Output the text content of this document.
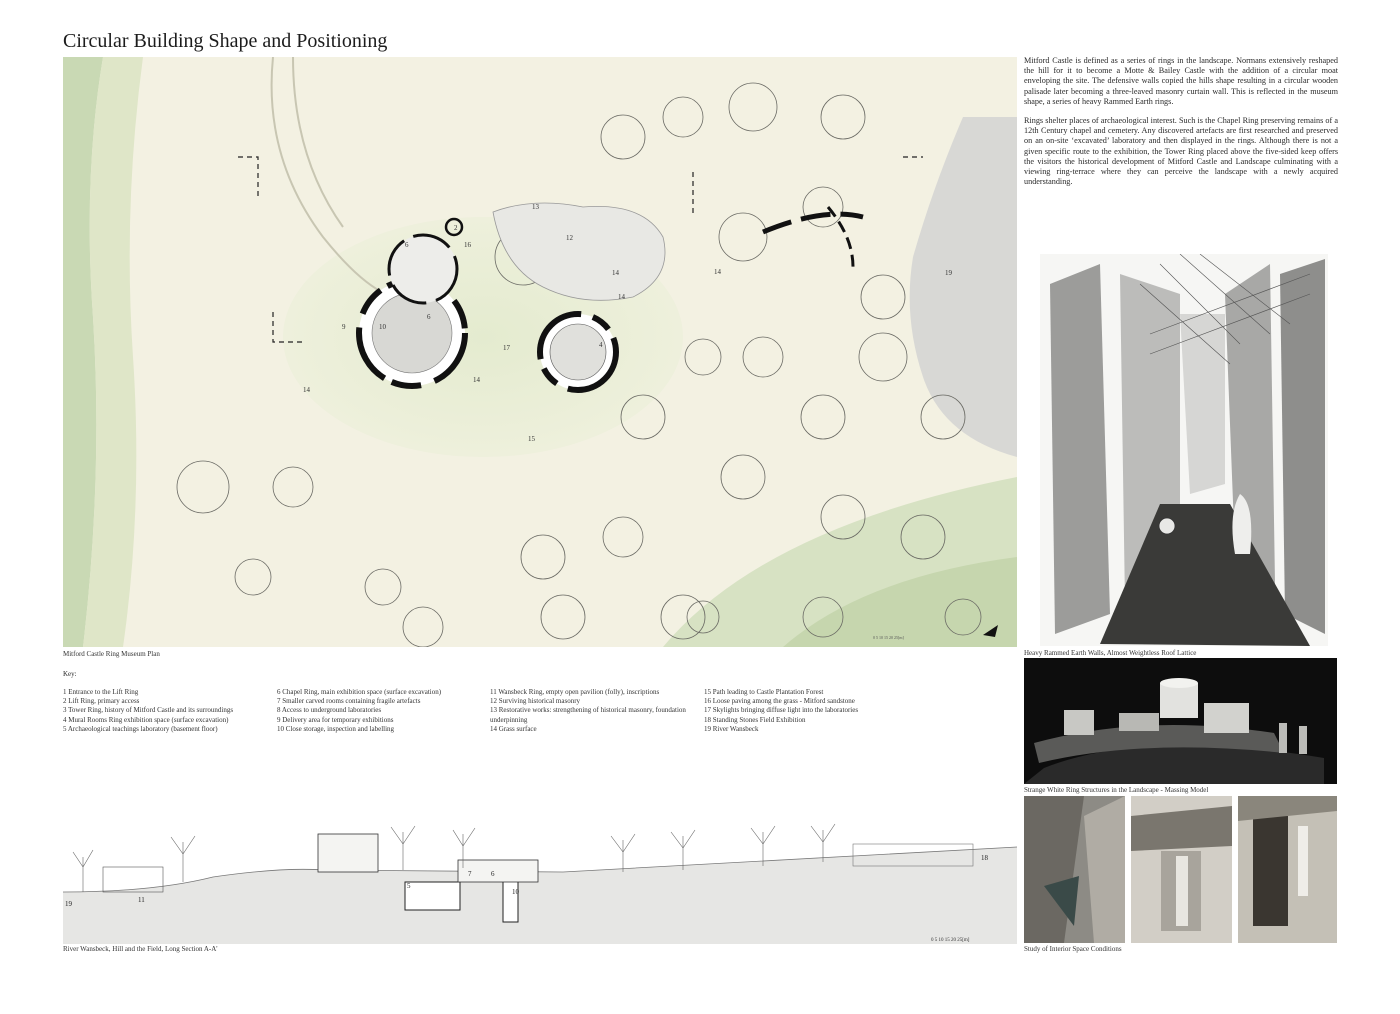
Circular Building Shape and Positioning
6	16
2
13
12
14
14
14
14
14
17
10
6
9
4
15
19
0 5 10 15 20 25[m]
Mitford Castle Ring Museum Plan
Key:
1 Entrance to the Lift Ring
2 Lift Ring, primary access
3 Tower Ring, history of Mitford Castle and its surroundings
4 Mural Rooms Ring exhibition space (surface excavation)
5 Archaeological teachings laboratory (basement floor)
6 Chapel Ring, main exhibition space (surface excavation)
7 Smaller carved rooms containing fragile artefacts
8 Access to underground laboratories
9 Delivery area for temporary exhibitions
10 Close storage, inspection and labelling
11 Wansbeck Ring, empty open pavilion (folly), inscriptions
12 Surviving historical masonry
13 Restorative works: strengthening of historical masonry, foundation underpinning
14 Grass surface
15 Path leading to Castle Plantation Forest
16 Loose paving among the grass - Mitford sandstone
17 Skylights bringing diffuse light into the laboratories
18 Standing Stones Field Exhibition
19 River Wansbeck

Mitford Castle is defined as a series of rings in the landscape. Normans extensively reshaped the hill for it to become a Motte & Bailey Castle with the addition of a circular moat enveloping the site. The defensive walls copied the hills shape resulting in a circular wooden palisade later becoming a three-leaved masonry curtain wall. This is reflected in the museum shape, a series of heavy Rammed Earth rings.

Rings shelter places of archaeological interest. Such is the Chapel Ring preserving remains of a 12th Century chapel and cemetery. Any discovered artefacts are first researched and preserved on an on-site ‘excavated’ laboratory and then displayed in the rings. Although there is not a given specific route to the exhibition, the Tower Ring placed above the five-sided keep offers the visitors the historical development of Mitford Castle and Landscape culminating with a viewing ring-terrace where they can perceive the landscape with a newly acquired understanding.

Heavy Rammed Earth Walls, Almost Weightless Roof Lattice
Strange White Ring Structures in the Landscape - Massing Model
Study of Interior Space Conditions
19	11
5
7	6
10
18
0 5 10 15 20 25[m]
River Wansbeck, Hill and the Field, Long Section A-A'
